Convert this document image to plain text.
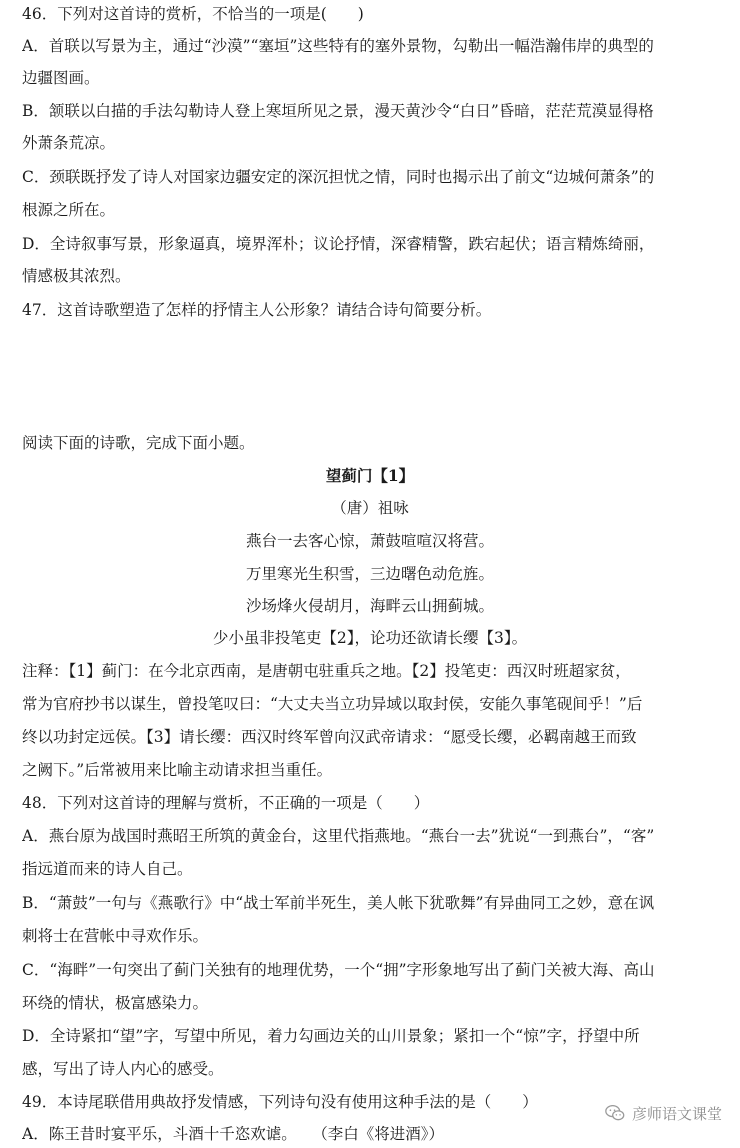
46．下列对这首诗的赏析，不恰当的一项是(　　)
A．首联以写景为主，通过“沙漠”“塞垣”这些特有的塞外景物，勾勒出一幅浩瀚伟岸的典型的
边疆图画。
B．颔联以白描的手法勾勒诗人登上寒垣所见之景，漫天黄沙令“白日”昏暗，茫茫荒漠显得格
外萧条荒凉。
C．颈联既抒发了诗人对国家边疆安定的深沉担忧之情，同时也揭示出了前文“边城何萧条”的
根源之所在。
D．全诗叙事写景，形象逼真，境界浑朴；议论抒情，深睿精警，跌宕起伏；语言精炼绮丽，
情感极其浓烈。
47．这首诗歌塑造了怎样的抒情主人公形象？请结合诗句简要分析。
阅读下面的诗歌，完成下面小题。
望蓟门【1】
（唐）祖咏
燕台一去客心惊，萧鼓喧喧汉将营。
万里寒光生积雪，三边曙色动危旌。
沙场烽火侵胡月，海畔云山拥蓟城。
少小虽非投笔吏【2】，论功还欲请长缨【3】。
注释：【1】蓟门：在今北京西南，是唐朝屯驻重兵之地。【2】投笔吏：西汉时班超家贫，
常为官府抄书以谋生，曾投笔叹曰：“大丈夫当立功异域以取封侯，安能久事笔砚间乎！”后
终以功封定远侯。【3】请长缨：西汉时终军曾向汉武帝请求：“愿受长缨，必羁南越王而致
之阙下。”后常被用来比喻主动请求担当重任。
48．下列对这首诗的理解与赏析，不正确的一项是（　　）
A．燕台原为战国时燕昭王所筑的黄金台，这里代指燕地。“燕台一去”犹说“一到燕台”，“客”
指远道而来的诗人自己。
B．“萧鼓”一句与《燕歌行》中“战士军前半死生，美人帐下犹歌舞”有异曲同工之妙，意在讽
刺将士在营帐中寻欢作乐。
C．“海畔”一句突出了蓟门关独有的地理优势，一个“拥”字形象地写出了蓟门关被大海、高山
环绕的情状，极富感染力。
D．全诗紧扣“望”字，写望中所见，着力勾画边关的山川景象；紧扣一个“惊”字，抒望中所
感，写出了诗人内心的感受。
49．本诗尾联借用典故抒发情感，下列诗句没有使用这种手法的是（　　）
A．陈王昔时宴平乐，斗酒十千恣欢谑。　　（李白《将进酒》）
彦师语文课堂
